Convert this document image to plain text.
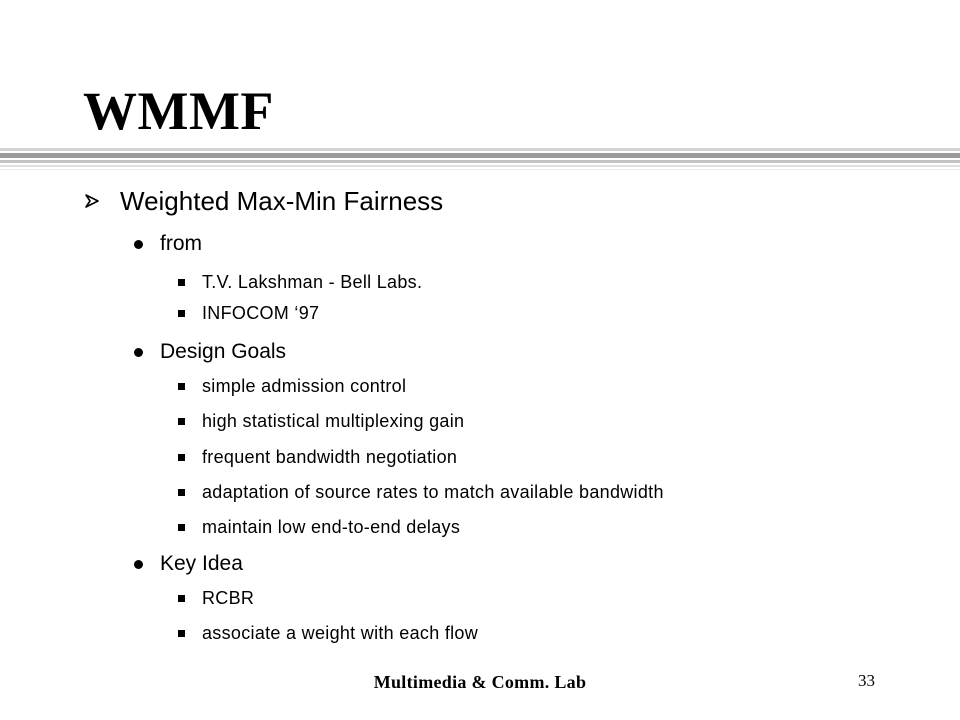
WMMF
Weighted Max-Min Fairness
from
T.V. Lakshman - Bell Labs.
INFOCOM ‘97
Design Goals
simple admission control
high statistical multiplexing gain
frequent bandwidth negotiation
adaptation of source rates to match available bandwidth
maintain low end-to-end delays
Key Idea
RCBR
associate a weight with each flow
Multimedia & Comm. Lab	33
